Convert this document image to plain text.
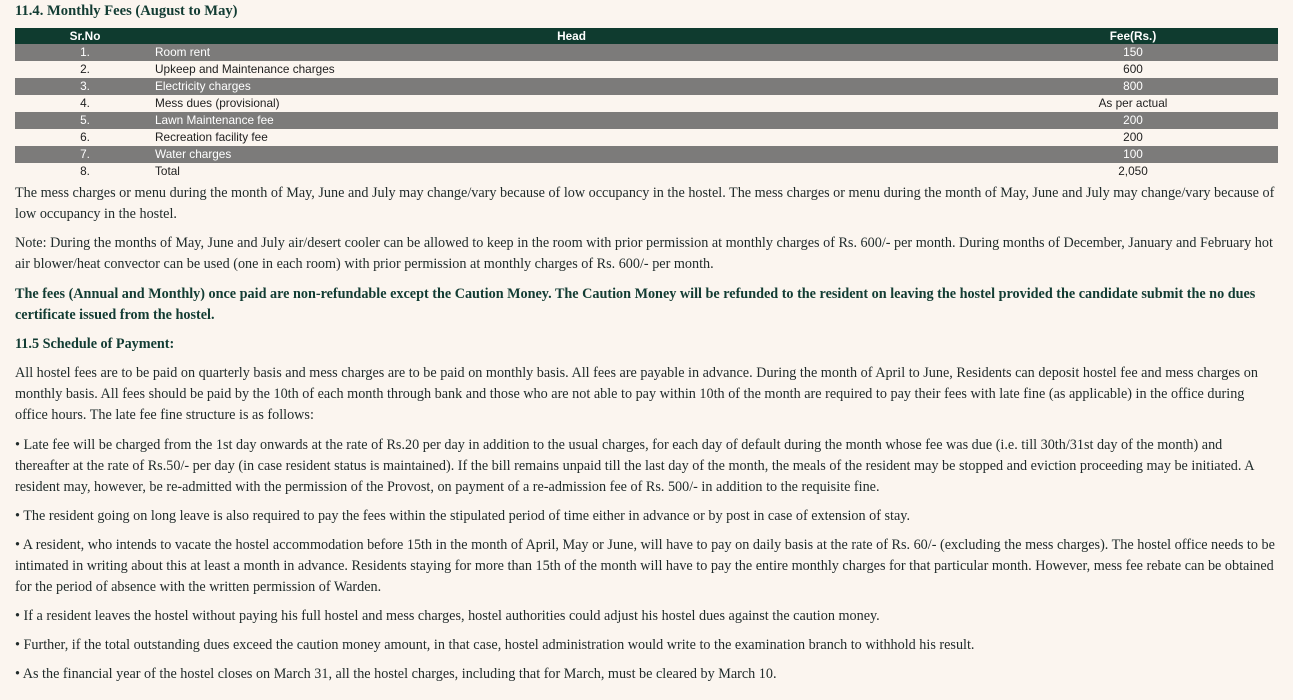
11.4. Monthly Fees (August to May)
Sr.No	Head	Fee(Rs.)
1.	Room rent	150
2.	Upkeep and Maintenance charges	600
3.	Electricity charges	800
4.	Mess dues (provisional)	As per actual
5.	Lawn Maintenance fee	200
6.	Recreation facility fee	200
7.	Water charges	100
8.	Total	2,050

The mess charges or menu during the month of May, June and July may change/vary because of low occupancy in the hostel. The mess charges or menu during the month of May, June and July may change/vary because of low occupancy in the hostel.

Note: During the months of May, June and July air/desert cooler can be allowed to keep in the room with prior permission at monthly charges of Rs. 600/- per month. During months of December, January and February hot air blower/heat convector can be used (one in each room) with prior permission at monthly charges of Rs. 600/- per month.

The fees (Annual and Monthly) once paid are non-refundable except the Caution Money. The Caution Money will be refunded to the resident on leaving the hostel provided the candidate submit the no dues certificate issued from the hostel.

11.5 Schedule of Payment:

All hostel fees are to be paid on quarterly basis and mess charges are to be paid on monthly basis. All fees are payable in advance. During the month of April to June, Residents can deposit hostel fee and mess charges on monthly basis. All fees should be paid by the 10th of each month through bank and those who are not able to pay within 10th of the month are required to pay their fees with late fine (as applicable) in the office during office hours. The late fee fine structure is as follows:

• Late fee will be charged from the 1st day onwards at the rate of Rs.20 per day in addition to the usual charges, for each day of default during the month whose fee was due (i.e. till 30th/31st day of the month) and thereafter at the rate of Rs.50/- per day (in case resident status is maintained). If the bill remains unpaid till the last day of the month, the meals of the resident may be stopped and eviction proceeding may be initiated. A resident may, however, be re-admitted with the permission of the Provost, on payment of a re-admission fee of Rs. 500/- in addition to the requisite fine.

• The resident going on long leave is also required to pay the fees within the stipulated period of time either in advance or by post in case of extension of stay.

• A resident, who intends to vacate the hostel accommodation before 15th in the month of April, May or June, will have to pay on daily basis at the rate of Rs. 60/- (excluding the mess charges). The hostel office needs to be intimated in writing about this at least a month in advance. Residents staying for more than 15th of the month will have to pay the entire monthly charges for that particular month. However, mess fee rebate can be obtained for the period of absence with the written permission of Warden.

• If a resident leaves the hostel without paying his full hostel and mess charges, hostel authorities could adjust his hostel dues against the caution money.

• Further, if the total outstanding dues exceed the caution money amount, in that case, hostel administration would write to the examination branch to withhold his result.

• As the financial year of the hostel closes on March 31, all the hostel charges, including that for March, must be cleared by March 10.
